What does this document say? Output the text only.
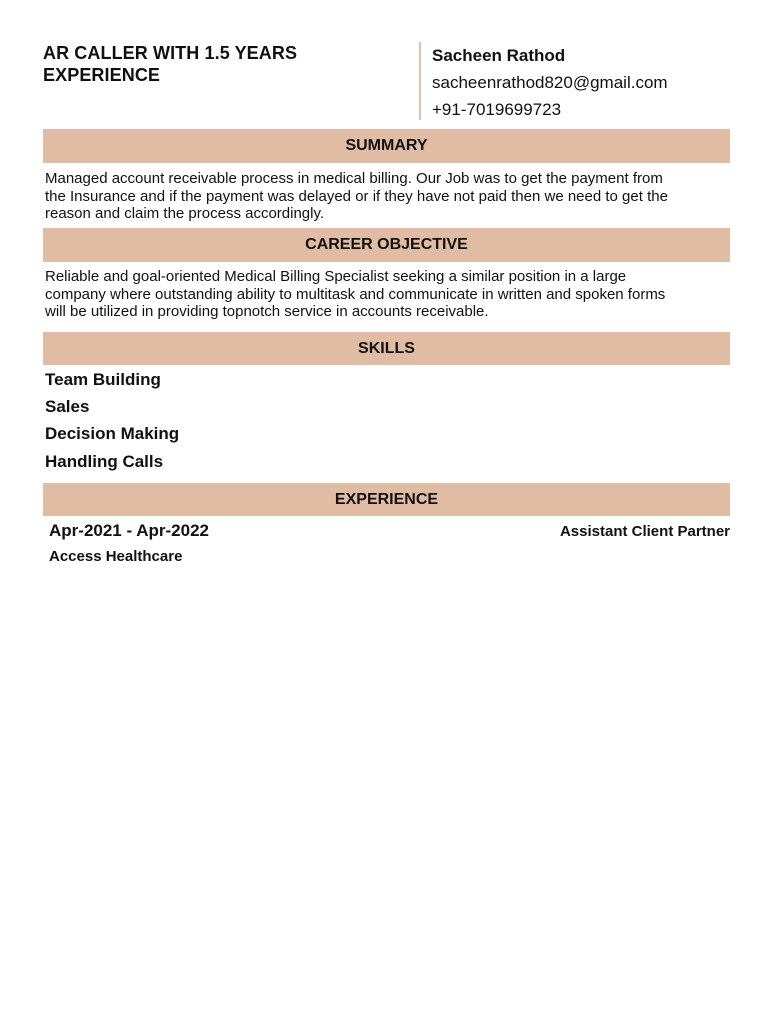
AR CALLER WITH 1.5 YEARS
EXPERIENCE
Sacheen Rathod
sacheenrathod820@gmail.com
+91-7019699723
SUMMARY

Managed account receivable process in medical billing. Our Job was to get the payment from
the Insurance and if the payment was delayed or if they have not paid then we need to get the
reason and claim the process accordingly.

CAREER OBJECTIVE

Reliable and goal-oriented Medical Billing Specialist seeking a similar position in a large
company where outstanding ability to multitask and communicate in written and spoken forms
will be utilized in providing topnotch service in accounts receivable.

SKILLS
Team Building
Sales
Decision Making
Handling Calls
EXPERIENCE
Apr-2021 - Apr-2022	Assistant Client Partner
Access Healthcare
